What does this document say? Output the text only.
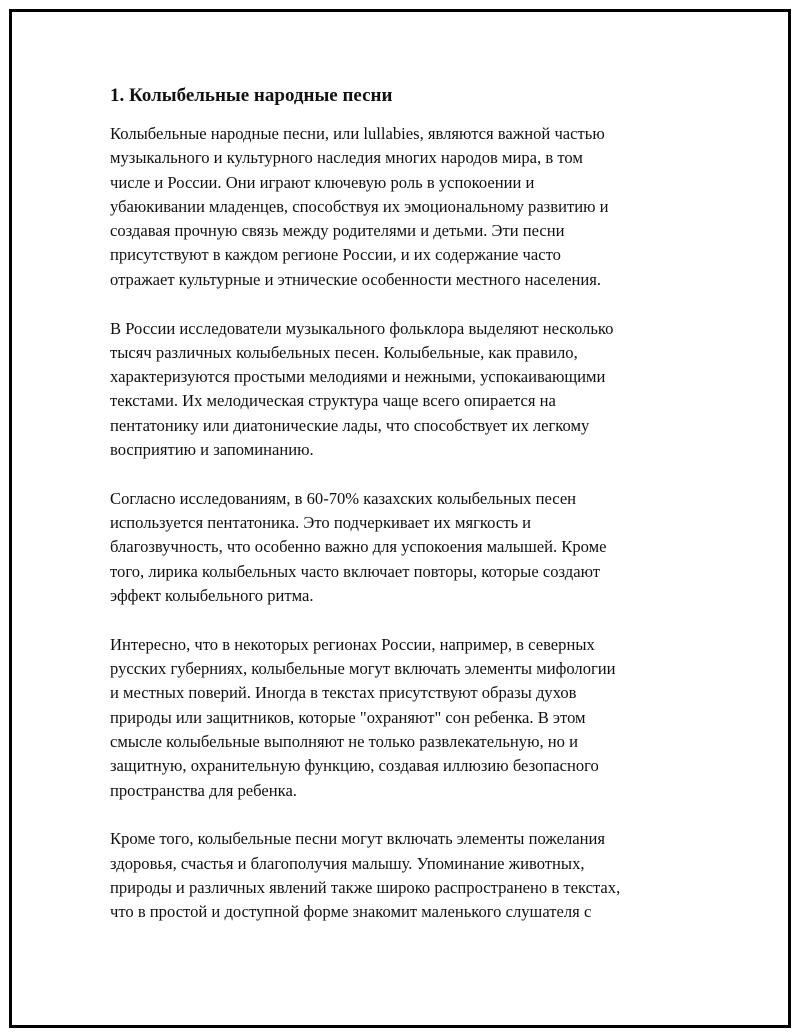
1. Колыбельные народные песни
Колыбельные народные песни, или lullabies, являются важной частью
музыкального и культурного наследия многих народов мира, в том
числе и России. Они играют ключевую роль в успокоении и
убаюкивании младенцев, способствуя их эмоциональному развитию и
создавая прочную связь между родителями и детьми. Эти песни
присутствуют в каждом регионе России, и их содержание часто
отражает культурные и этнические особенности местного населения.
В России исследователи музыкального фольклора выделяют несколько
тысяч различных колыбельных песен. Колыбельные, как правило,
характеризуются простыми мелодиями и нежными, успокаивающими
текстами. Их мелодическая структура чаще всего опирается на
пентатонику или диатонические лады, что способствует их легкому
восприятию и запоминанию.
Согласно исследованиям, в 60-70% казахских колыбельных песен
используется пентатоника. Это подчеркивает их мягкость и
благозвучность, что особенно важно для успокоения малышей. Кроме
того, лирика колыбельных часто включает повторы, которые создают
эффект колыбельного ритма.
Интересно, что в некоторых регионах России, например, в северных
русских губерниях, колыбельные могут включать элементы мифологии
и местных поверий. Иногда в текстах присутствуют образы духов
природы или защитников, которые "охраняют" сон ребенка. В этом
смысле колыбельные выполняют не только развлекательную, но и
защитную, охранительную функцию, создавая иллюзию безопасного
пространства для ребенка.
Кроме того, колыбельные песни могут включать элементы пожелания
здоровья, счастья и благополучия малышу. Упоминание животных,
природы и различных явлений также широко распространено в текстах,
что в простой и доступной форме знакомит маленького слушателя с
